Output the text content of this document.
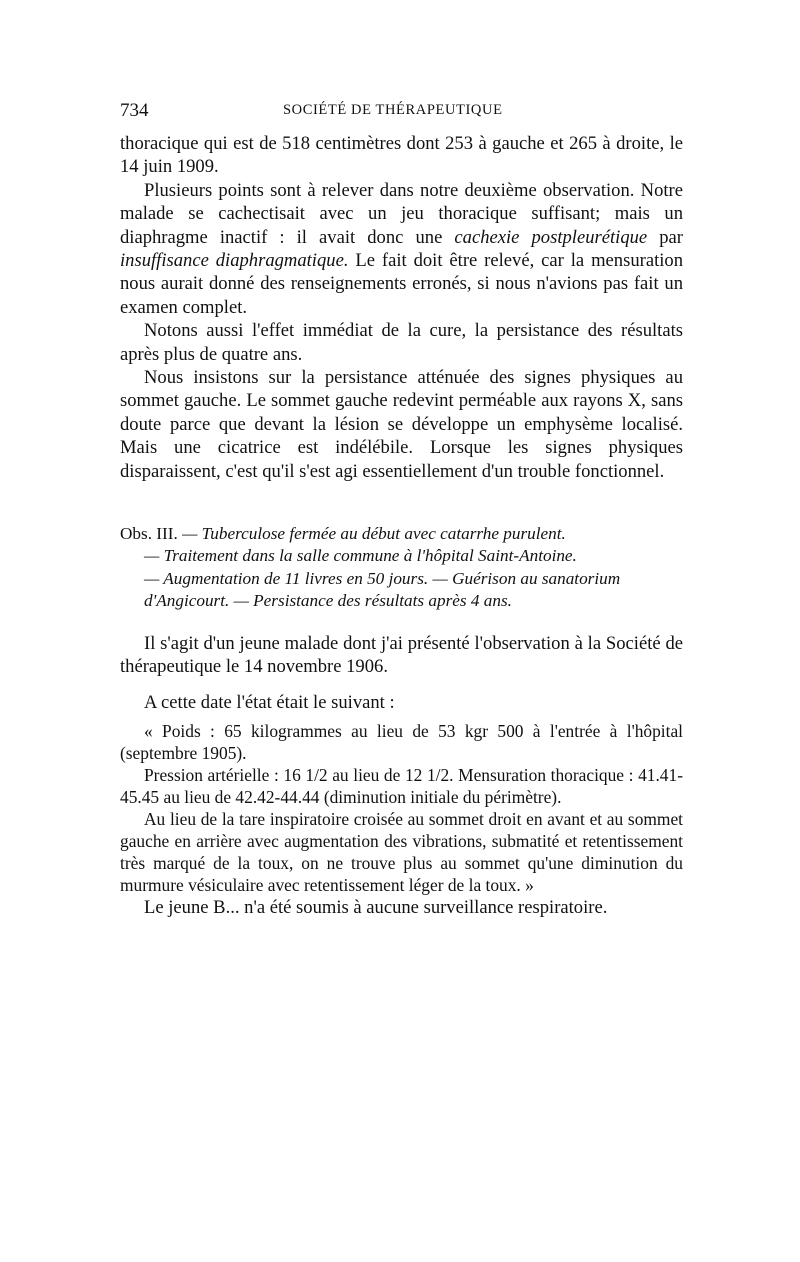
734	SOCIÉTÉ DE THÉRAPEUTIQUE

thoracique qui est de 518 centimètres dont 253 à gauche et 265 à droite, le 14 juin 1909.

Plusieurs points sont à relever dans notre deuxième observation. Notre malade se cachectisait avec un jeu thoracique suffisant; mais un diaphragme inactif : il avait donc une cachexie postpleurétique par insuffisance diaphragmatique. Le fait doit être relevé, car la mensuration nous aurait donné des renseignements erronés, si nous n'avions pas fait un examen complet.

Notons aussi l'effet immédiat de la cure, la persistance des résultats après plus de quatre ans.

Nous insistons sur la persistance atténuée des signes physiques au sommet gauche. Le sommet gauche redevint perméable aux rayons X, sans doute parce que devant la lésion se développe un emphysème localisé. Mais une cicatrice est indélébile. Lorsque les signes physiques disparaissent, c'est qu'il s'est agi essentiellement d'un trouble fonctionnel.

Obs. III. — Tuberculose fermée au début avec catarrhe purulent.
— Traitement dans la salle commune à l'hôpital Saint-Antoine.
— Augmentation de 11 livres en 50 jours. — Guérison au sanatorium d'Angicourt. — Persistance des résultats après 4 ans.

Il s'agit d'un jeune malade dont j'ai présenté l'observation à la Société de thérapeutique le 14 novembre 1906.

A cette date l'état était le suivant :

« Poids : 65 kilogrammes au lieu de 53 kgr 500 à l'entrée à l'hôpital (septembre 1905).

Pression artérielle : 16 1/2 au lieu de 12 1/2. Mensuration thoracique : 41.41-45.45 au lieu de 42.42-44.44 (diminution initiale du périmètre).

Au lieu de la tare inspiratoire croisée au sommet droit en avant et au sommet gauche en arrière avec augmentation des vibrations, submatité et retentissement très marqué de la toux, on ne trouve plus au sommet qu'une diminution du murmure vésiculaire avec retentissement léger de la toux. »

Le jeune B... n'a été soumis à aucune surveillance respiratoire.
